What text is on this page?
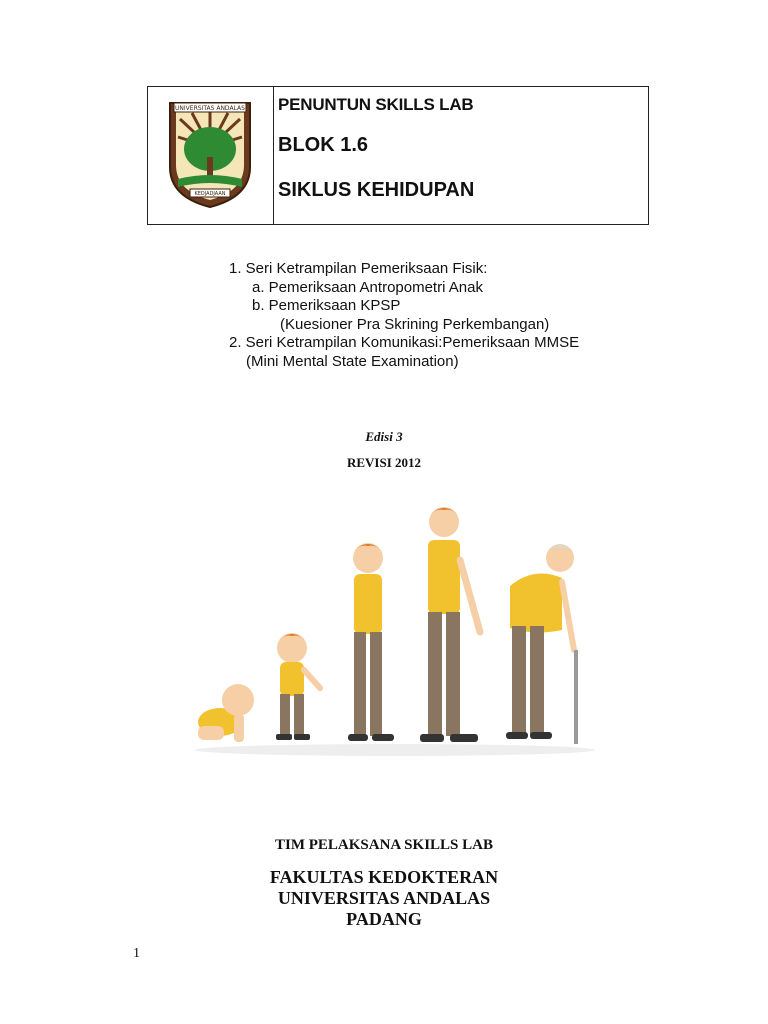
UNIVERSITAS ANDALAS
KEDJADJAAN
PENUNTUN SKILLS LAB
BLOK 1.6
SIKLUS KEHIDUPAN
1. Seri Ketrampilan Pemeriksaan Fisik:
a. Pemeriksaan Antropometri Anak
b. Pemeriksaan KPSP
(Kuesioner Pra Skrining Perkembangan)
2. Seri Ketrampilan Komunikasi:Pemeriksaan MMSE
(Mini Mental State Examination)
Edisi 3
REVISI 2012
TIM PELAKSANA SKILLS LAB
FAKULTAS KEDOKTERAN
UNIVERSITAS ANDALAS
PADANG
1
